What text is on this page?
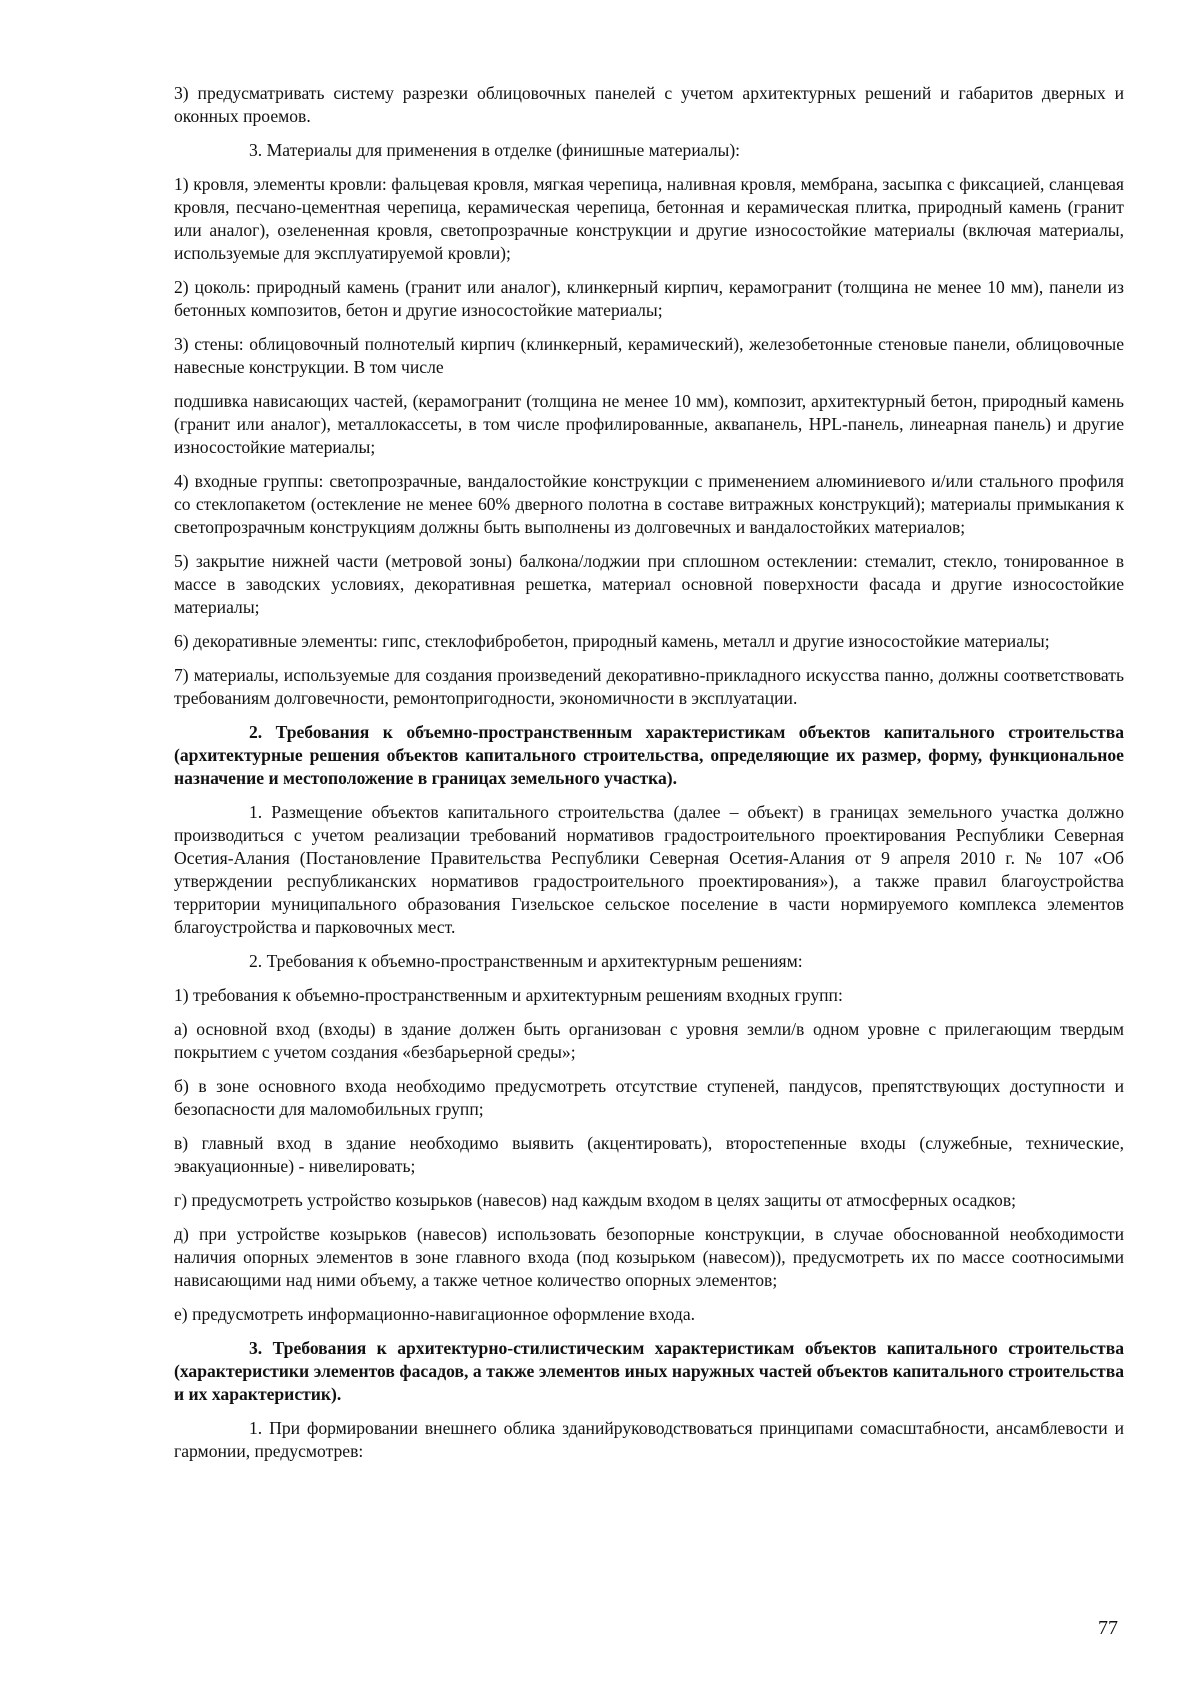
3) предусматривать систему разрезки облицовочных панелей с учетом архитектурных решений и габаритов дверных и оконных проемов.

3. Материалы для применения в отделке (финишные материалы):

1) кровля, элементы кровли: фальцевая кровля, мягкая черепица, наливная кровля, мембрана, засыпка с фиксацией, сланцевая кровля, песчано-цементная черепица, керамическая черепица, бетонная и керамическая плитка, природный камень (гранит или аналог), озелененная кровля, светопрозрачные конструкции и другие износостойкие материалы (включая материалы, используемые для эксплуатируемой кровли);

2) цоколь: природный камень (гранит или аналог), клинкерный кирпич, керамогранит (толщина не менее 10 мм), панели из бетонных композитов, бетон и другие износостойкие материалы;

3) стены: облицовочный полнотелый кирпич (клинкерный, керамический), железобетонные стеновые панели, облицовочные навесные конструкции. В том числе

подшивка нависающих частей, (керамогранит (толщина не менее 10 мм), композит, архитектурный бетон, природный камень (гранит или аналог), металлокассеты, в том числе профилированные, аквапанель, HPL-панель, линеарная панель) и другие износостойкие материалы;

4) входные группы: светопрозрачные, вандалостойкие конструкции с применением алюминиевого и/или стального профиля со стеклопакетом (остекление не менее 60% дверного полотна в составе витражных конструкций); материалы примыкания к светопрозрачным конструкциям должны быть выполнены из долговечных и вандалостойких материалов;

5) закрытие нижней части (метровой зоны) балкона/лоджии при сплошном остеклении: стемалит, стекло, тонированное в массе в заводских условиях, декоративная решетка, материал основной поверхности фасада и другие износостойкие материалы;

6) декоративные элементы: гипс, стеклофибробетон, природный камень, металл и другие износостойкие материалы;

7) материалы, используемые для создания произведений декоративно-прикладного искусства панно, должны соответствовать требованиям долговечности, ремонтопригодности, экономичности в эксплуатации.

2. Требования к объемно-пространственным характеристикам объектов капитального строительства (архитектурные решения объектов капитального строительства, определяющие их размер, форму, функциональное назначение и местоположение в границах земельного участка).

1. Размещение объектов капитального строительства (далее – объект) в границах земельного участка должно производиться с учетом реализации требований нормативов градостроительного проектирования Республики Северная Осетия-Алания (Постановление Правительства Республики Северная Осетия-Алания от 9 апреля 2010 г. № 107 «Об утверждении республиканских нормативов градостроительного проектирования»), а также правил благоустройства территории муниципального образования Гизельское сельское поселение в части нормируемого комплекса элементов благоустройства и парковочных мест.

2. Требования к объемно-пространственным и архитектурным решениям:

1) требования к объемно-пространственным и архитектурным решениям входных групп:

а) основной вход (входы) в здание должен быть организован с уровня земли/в одном уровне с прилегающим твердым покрытием с учетом создания «безбарьерной среды»;

б) в зоне основного входа необходимо предусмотреть отсутствие ступеней, пандусов, препятствующих доступности и безопасности для маломобильных групп;

в) главный вход в здание необходимо выявить (акцентировать), второстепенные входы (служебные, технические, эвакуационные) - нивелировать;

г) предусмотреть устройство козырьков (навесов) над каждым входом в целях защиты от атмосферных осадков;

д) при устройстве козырьков (навесов) использовать безопорные конструкции, в случае обоснованной необходимости наличия опорных элементов в зоне главного входа (под козырьком (навесом)), предусмотреть их по массе соотносимыми нависающими над ними объему, а также четное количество опорных элементов;

е) предусмотреть информационно-навигационное оформление входа.

3. Требования к архитектурно-стилистическим характеристикам объектов капитального строительства (характеристики элементов фасадов, а также элементов иных наружных частей объектов капитального строительства и их характеристик).

1. При формировании внешнего облика зданийруководствоваться принципами сомасштабности, ансамблевости и гармонии, предусмотрев:

77
